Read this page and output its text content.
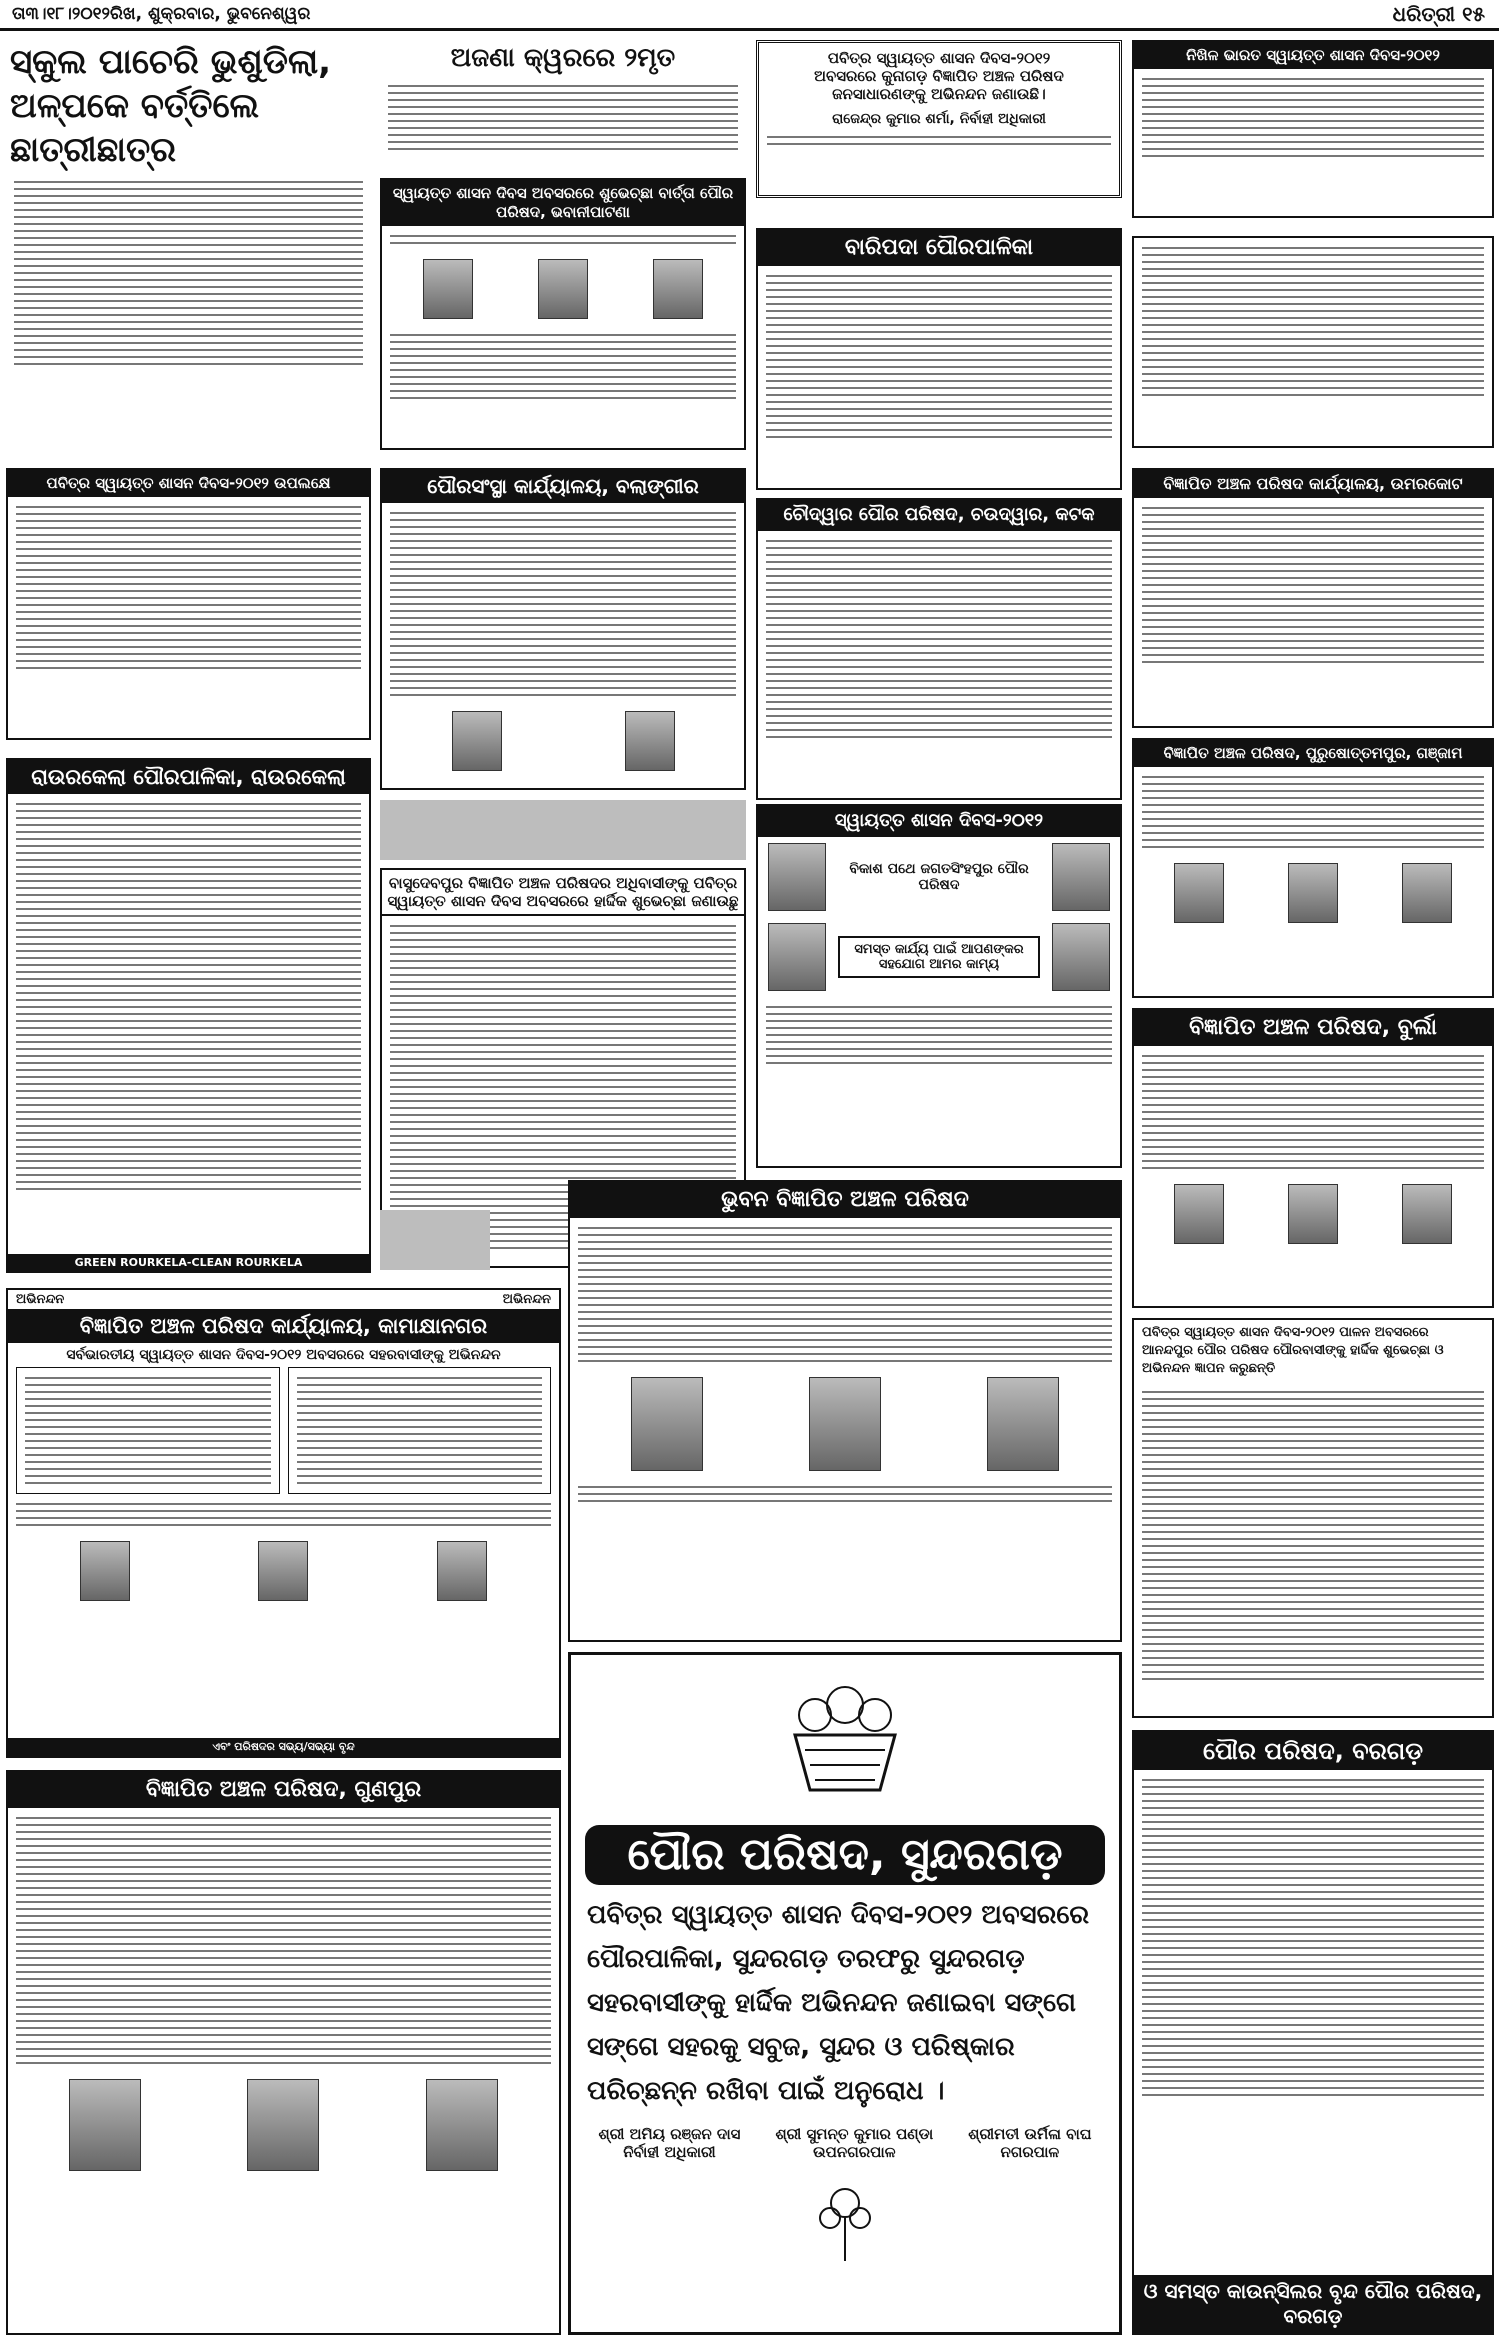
ତା୩।୧୮।୨୦୧୨ରିଖ, ଶୁକ୍ରବାର, ଭୁବନେଶ୍ୱର	ଧରିତ୍ରୀ ୧୫
ସ୍କୁଲ ପାଚେରି ଭୁଶୁଡିଲା,
ଅଳ୍ପକେ ବର୍ତ୍ତିଲେ ଛାତ୍ରୀଛାତ୍ର
ପବିତ୍ର ସ୍ୱାୟତ୍ତ ଶାସନ ଦିବସ-୨୦୧୨ ଉପଲକ୍ଷେ
ରାଉରକେଲା ପୌରପାଳିକା, ରାଉରକେଲା
GREEN ROURKELA-CLEAN ROURKELA
ଅଭିନନ୍ଦନ	ଅଭିନନ୍ଦନ
ବିଜ୍ଞାପିତ ଅଞ୍ଚଳ ପରିଷଦ କାର୍ଯ୍ୟାଳୟ, କାମାକ୍ଷାନଗର
ସର୍ବଭାରତୀୟ ସ୍ୱାୟତ୍ତ ଶାସନ ଦିବସ-୨୦୧୨ ଅବସରରେ ସହରବାସୀଙ୍କୁ ଅଭିନନ୍ଦନ
ଏବଂ ପରିଷଦର ସଭ୍ୟ/ସଭ୍ୟା ବୃନ୍ଦ
ବିଜ୍ଞାପିତ ଅଞ୍ଚଳ ପରିଷଦ, ଗୁଣପୁର
ଅଜଣା କ୍ୱରରେ ୨ମୃତ
ସ୍ୱାୟତ୍ତ ଶାସନ ଦିବସ ଅବସରରେ ଶୁଭେଚ୍ଛା ବାର୍ତ୍ତା ପୌର ପରିଷଦ, ଭବାନୀପାଟଣା
ପୌରସଂସ୍ଥା କାର୍ଯ୍ୟାଳୟ, ବଲାଙ୍ଗୀର
ବାସୁଦେବପୁର ବିଜ୍ଞାପିତ ଅଞ୍ଚଳ ପରିଷଦର ଅଧିବାସୀଙ୍କୁ ପବିତ୍ର ସ୍ୱାୟତ୍ତ ଶାସନ ଦିବସ ଅବସରରେ ହାର୍ଦ୍ଦିକ ଶୁଭେଚ୍ଛା ଜଣାଉଛୁ
ପବିତ୍ର ସ୍ୱାୟତ୍ତ ଶାସନ ଦିବସ-୨୦୧୨
ଅବସରରେ କୁନାଗଡ଼ ବିଜ୍ଞାପିତ ଅଞ୍ଚଳ ପରିଷଦ
ଜନସାଧାରଣଙ୍କୁ ଅଭିନନ୍ଦନ ଜଣାଉଛି।
ରାଜେନ୍ଦ୍ର କୁମାର ଶର୍ମା, ନିର୍ବାହୀ ଅଧିକାରୀ
ବାରିପଦା ପୌରପାଳିକା
ଚୌଦ୍ୱାର ପୌର ପରିଷଦ, ଚଉଦ୍ୱାର, କଟକ
ସ୍ୱାୟତ୍ତ ଶାସନ ଦିବସ-୨୦୧୨
ବିକାଶ ପଥେ ଜଗତସିଂହପୁର ପୌର ପରିଷଦ
ସମସ୍ତ କାର୍ଯ୍ୟ ପାଇଁ ଆପଣଙ୍କର ସହଯୋଗ ଆମର କାମ୍ୟ
ଭୁବନ ବିଜ୍ଞାପିତ ଅଞ୍ଚଳ ପରିଷଦ
ପୌର ପରିଷଦ, ସୁନ୍ଦରଗଡ଼
ପବିତ୍ର ସ୍ୱାୟତ୍ତ ଶାସନ ଦିବସ-୨୦୧୨ ଅବସରରେ ପୌରପାଳିକା, ସୁନ୍ଦରଗଡ଼ ତରଫରୁ ସୁନ୍ଦରଗଡ଼ ସହରବାସୀଙ୍କୁ ହାର୍ଦ୍ଦିକ ଅଭିନନ୍ଦନ ଜଣାଇବା ସଙ୍ଗେ ସଙ୍ଗେ ସହରକୁ ସବୁଜ, ସୁନ୍ଦର ଓ ପରିଷ୍କାର ପରିଚ୍ଛନ୍ନ ରଖିବା ପାଇଁ ଅନୁରୋଧ ।
ଶ୍ରୀ ଅମିୟ ରଞ୍ଜନ ଦାସ
ନିର୍ବାହୀ ଅଧିକାରୀ
ଶ୍ରୀ ସୁମନ୍ତ କୁମାର ପଣ୍ଡା
ଉପନଗରପାଳ
ଶ୍ରୀମତୀ ଉର୍ମିଳା ବାଘ
ନଗରପାଳ
ନିଖିଳ ଭାରତ ସ୍ୱାୟତ୍ତ ଶାସନ ଦିବସ-୨୦୧୨
ବିଜ୍ଞାପିତ ଅଞ୍ଚଳ ପରିଷଦ କାର୍ଯ୍ୟାଳୟ, ଉମରକୋଟ
ବିଜ୍ଞାପିତ ଅଞ୍ଚଳ ପରିଷଦ, ପୁରୁଷୋତ୍ତମପୁର, ଗଞ୍ଜାମ
ବିଜ୍ଞାପିତ ଅଞ୍ଚଳ ପରିଷଦ, ବୁର୍ଲା
ପବିତ୍ର ସ୍ୱାୟତ୍ତ ଶାସନ ଦିବସ-୨୦୧୨ ପାଳନ ଅବସରରେ ଆନନ୍ଦପୁର ପୌର ପରିଷଦ ପୌରବାସୀଙ୍କୁ ହାର୍ଦ୍ଦିକ ଶୁଭେଚ୍ଛା ଓ ଅଭିନନ୍ଦନ ଜ୍ଞାପନ କରୁଛନ୍ତି
ପୌର ପରିଷଦ, ବରଗଡ଼
ଓ ସମସ୍ତ କାଉନ୍ସିଲର ବୃନ୍ଦ ପୌର ପରିଷଦ, ବରଗଡ଼
